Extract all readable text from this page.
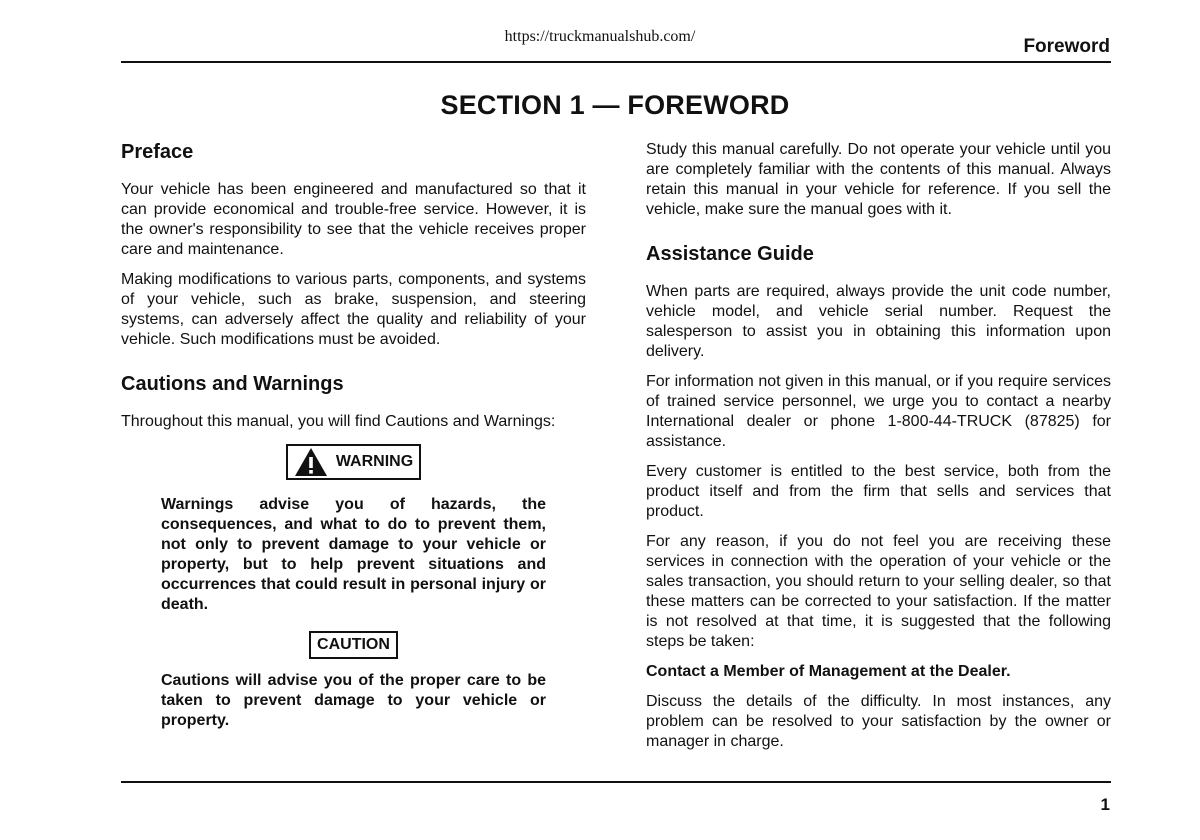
https://truckmanualshub.com/	Foreword
SECTION 1 — FOREWORD
Preface

Your vehicle has been engineered and manufactured so that it can provide economical and trouble-free service. However, it is the owner's responsibility to see that the vehicle receives proper care and maintenance.

Making modifications to various parts, components, and systems of your vehicle, such as brake, suspension, and steering systems, can adversely affect the quality and reliability of your vehicle. Such modifications must be avoided.

Cautions and Warnings

Throughout this manual, you will find Cautions and Warnings:

WARNING

Warnings advise you of hazards, the consequences, and what to do to prevent them, not only to prevent damage to your vehicle or property, but to help prevent situations and occurrences that could result in personal injury or death.

CAUTION

Cautions will advise you of the proper care to be taken to prevent damage to your vehicle or property.

Study this manual carefully. Do not operate your vehicle until you are completely familiar with the contents of this manual. Always retain this manual in your vehicle for reference. If you sell the vehicle, make sure the manual goes with it.

Assistance Guide

When parts are required, always provide the unit code number, vehicle model, and vehicle serial number. Request the salesperson to assist you in obtaining this information upon delivery.

For information not given in this manual, or if you require services of trained service personnel, we urge you to contact a nearby International dealer or phone 1-800-44-TRUCK (87825) for assistance.

Every customer is entitled to the best service, both from the product itself and from the firm that sells and services that product.

For any reason, if you do not feel you are receiving these services in connection with the operation of your vehicle or the sales transaction, you should return to your selling dealer, so that these matters can be corrected to your satisfaction. If the matter is not resolved at that time, it is suggested that the following steps be taken:

Contact a Member of Management at the Dealer.

Discuss the details of the difficulty. In most instances, any problem can be resolved to your satisfaction by the owner or manager in charge.

1
